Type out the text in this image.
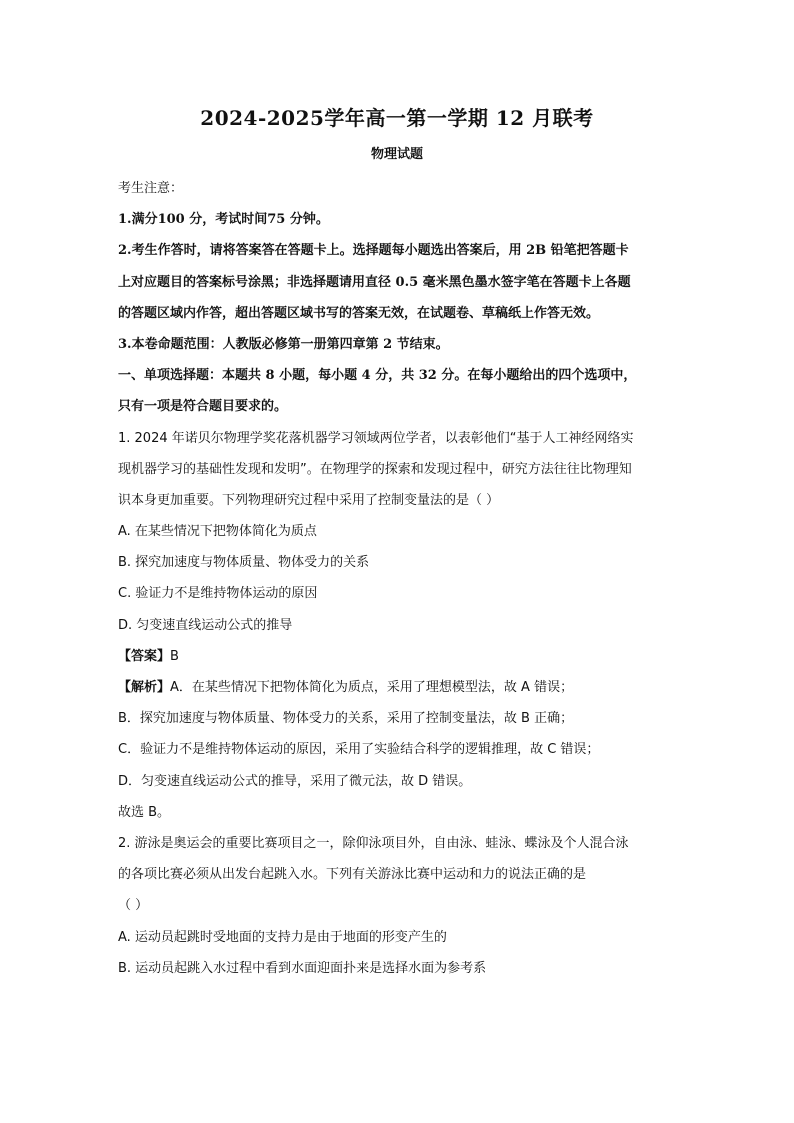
2024-2025学年高一第一学期 12 月联考
物理试题
考生注意：
1.满分100 分，考试时间75 分钟。
2.考生作答时，请将答案答在答题卡上。选择题每小题选出答案后，用 2B 铅笔把答题卡
上对应题目的答案标号涂黑；非选择题请用直径 0.5 毫米黑色墨水签字笔在答题卡上各题
的答题区域内作答，超出答题区域书写的答案无效，在试题卷、草稿纸上作答无效。
3.本卷命题范围：人教版必修第一册第四章第 2 节结束。
一、单项选择题：本题共 8 小题，每小题 4 分，共 32 分。在每小题给出的四个选项中，
只有一项是符合题目要求的。
1. 2024 年诺贝尔物理学奖花落机器学习领域两位学者，以表彰他们“基于人工神经网络实
现机器学习的基础性发现和发明”。在物理学的探索和发现过程中，研究方法往往比物理知
识本身更加重要。下列物理研究过程中采用了控制变量法的是（ ）
A. 在某些情况下把物体简化为质点
B. 探究加速度与物体质量、物体受力的关系
C. 验证力不是维持物体运动的原因
D. 匀变速直线运动公式的推导
【答案】B
【解析】A．在某些情况下把物体简化为质点，采用了理想模型法，故 A 错误；
B．探究加速度与物体质量、物体受力的关系，采用了控制变量法，故 B 正确；
C．验证力不是维持物体运动的原因，采用了实验结合科学的逻辑推理，故 C 错误；
D．匀变速直线运动公式的推导，采用了微元法，故 D 错误。
故选 B。
2. 游泳是奥运会的重要比赛项目之一，除仰泳项目外，自由泳、蛙泳、蝶泳及个人混合泳
的各项比赛必须从出发台起跳入水。下列有关游泳比赛中运动和力的说法正确的是
（ ）
A. 运动员起跳时受地面的支持力是由于地面的形变产生的
B. 运动员起跳入水过程中看到水面迎面扑来是选择水面为参考系
